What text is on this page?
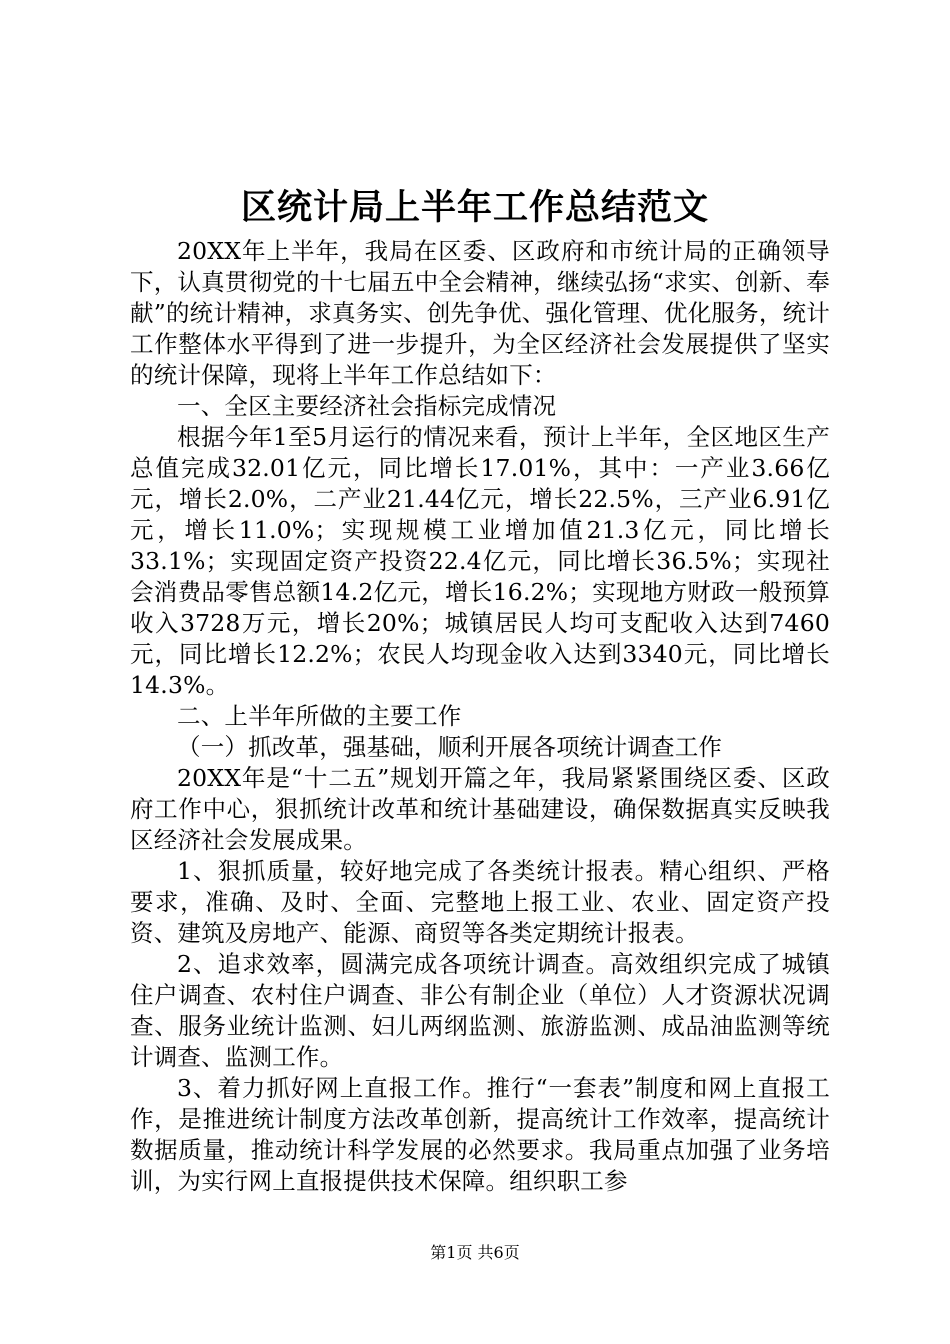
区统计局上半年工作总结范文

20XX年上半年，我局在区委、区政府和市统计局的正确领导下，认真贯彻党的十七届五中全会精神，继续弘扬“求实、创新、奉献”的统计精神，求真务实、创先争优、强化管理、优化服务，统计工作整体水平得到了进一步提升，为全区经济社会发展提供了坚实的统计保障，现将上半年工作总结如下：

一、全区主要经济社会指标完成情况

根据今年1至5月运行的情况来看，预计上半年，全区地区生产总值完成32.01亿元，同比增长17.01%，其中：一产业3.66亿元，增长2.0%，二产业21.44亿元，增长22.5%，三产业6.91亿元，增长11.0%；实现规模工业增加值21.3亿元，同比增长33.1%；实现固定资产投资22.4亿元，同比增长36.5%；实现社会消费品零售总额14.2亿元，增长16.2%；实现地方财政一般预算收入3728万元，增长20%；城镇居民人均可支配收入达到7460元，同比增长12.2%；农民人均现金收入达到3340元，同比增长14.3%。

二、上半年所做的主要工作

（一）抓改革，强基础，顺利开展各项统计调查工作

20XX年是“十二五”规划开篇之年，我局紧紧围绕区委、区政府工作中心，狠抓统计改革和统计基础建设，确保数据真实反映我区经济社会发展成果。

1、狠抓质量，较好地完成了各类统计报表。精心组织、严格要求，准确、及时、全面、完整地上报工业、农业、固定资产投资、建筑及房地产、能源、商贸等各类定期统计报表。

2、追求效率，圆满完成各项统计调查。高效组织完成了城镇住户调查、农村住户调查、非公有制企业（单位）人才资源状况调查、服务业统计监测、妇儿两纲监测、旅游监测、成品油监测等统计调查、监测工作。

3、着力抓好网上直报工作。推行“一套表”制度和网上直报工作，是推进统计制度方法改革创新，提高统计工作效率，提高统计数据质量，推动统计科学发展的必然要求。我局重点加强了业务培训，为实行网上直报提供技术保障。组织职工参

第1页 共6页
